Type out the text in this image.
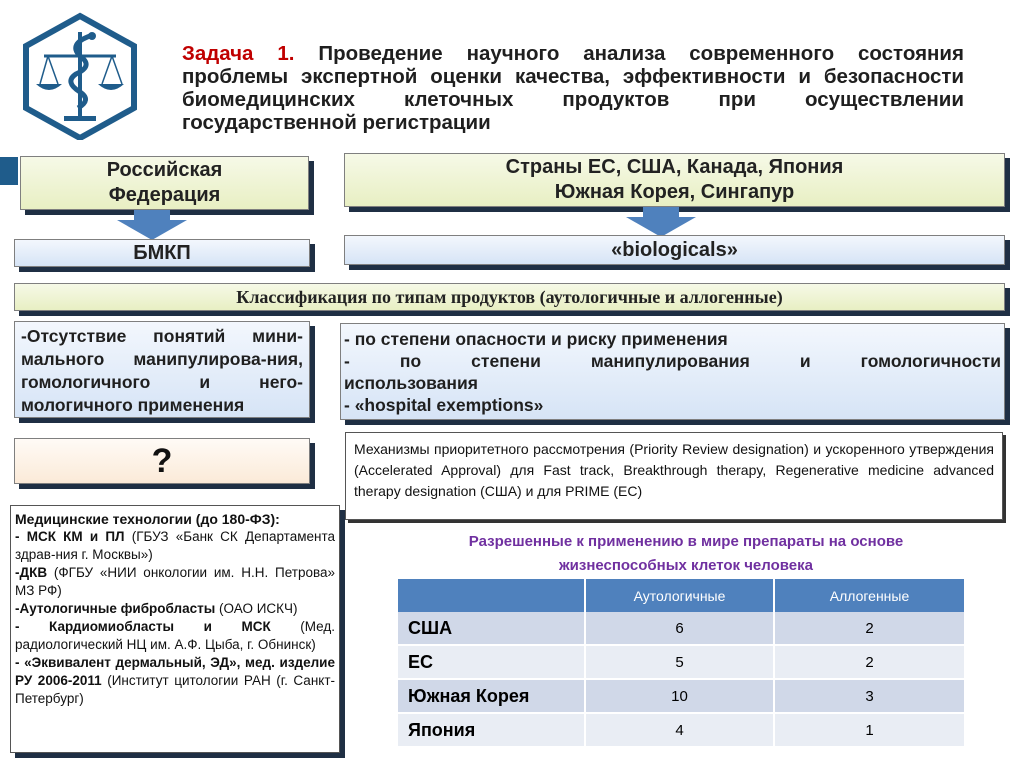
Задача 1. Проведение научного анализа современного состояния проблемы экспертной оценки качества, эффективности и безопасности биомедицинских клеточных продуктов при осуществлении государственной регистрации
Российская
Федерация
Страны ЕС, США, Канада, Япония
Южная Корея, Сингапур
БМКП	«biologicals»
Классификация по типам продуктов (аутологичные и аллогенные)
-Отсутствие понятий мини-мального манипулирова-ния, гомологичного и него-мологичного применения
- по степени опасности и риску применения
- по степени манипулирования и гомологичности
использования
- «hospital exemptions»
?	Механизмы приоритетного рассмотрения (Priority Review designation) и ускоренного утверждения (Accelerated Approval) для Fast track, Breakthrough therapy, Regenerative medicine advanced therapy designation (США) и для PRIME (ЕС)
Медицинские технологии (до 180-ФЗ):

- МСК КМ и ПЛ (ГБУЗ «Банк СК Департамента здрав-ния г. Москвы»)

-ДКВ (ФГБУ «НИИ онкологии им. Н.Н. Петрова» МЗ РФ)

-Аутологичные фибробласты (ОАО ИСКЧ)

- Кардиомиобласты и МСК (Мед. радиологический НЦ им. А.Ф. Цыба, г. Обнинск)

- «Эквивалент дермальный, ЭД», мед. изделие РУ 2006-2011 (Институт цитологии РАН (г. Санкт-Петербург)

Разрешенные к применению в мире препараты на основе
жизнеспособных клеток человека
	Аутологичные	Аллогенные
США	6	2
ЕС	5	2
Южная Корея	10	3
Япония	4	1
